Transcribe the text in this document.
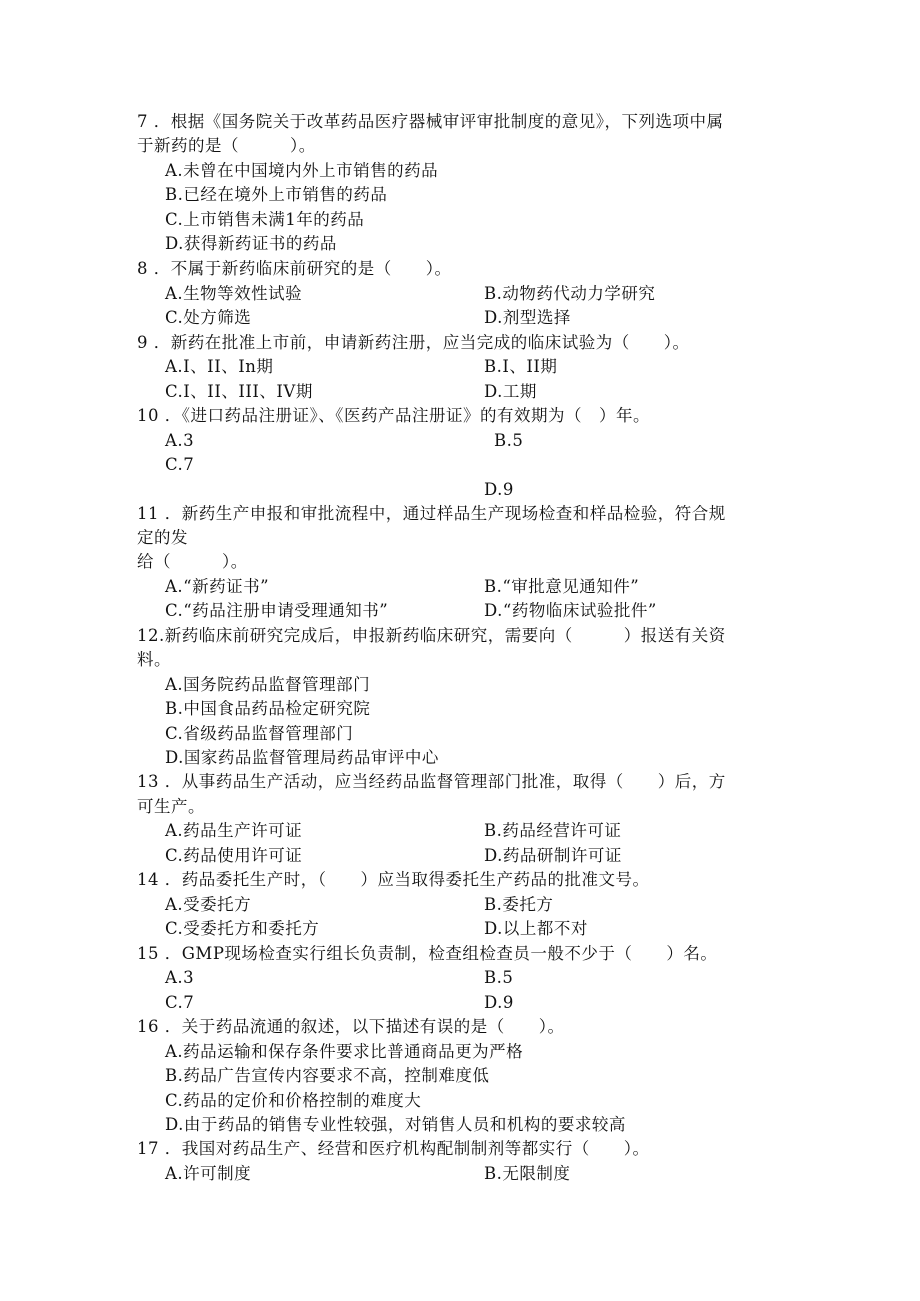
7 ．根据《国务院关于改革药品医疗器械审评审批制度的意见》，下列选项中属
于新药的是（　　　）。
A.未曾在中国境内外上市销售的药品
B.已经在境外上市销售的药品
C.上市销售未满1年的药品
D.获得新药证书的药品
8 ．不属于新药临床前研究的是（　　）。
A.生物等效性试验	B.动物药代动力学研究
C.处方筛选	D.剂型选择
9 ．新药在批准上市前，申请新药注册，应当完成的临床试验为（　　）。
A.I、II、In期	B.I、II期
C.I、II、III、IV期	D.工期
10 ．《进口药品注册证》、《医药产品注册证》的有效期为（　）年。
A.3	B.5
C.7
D.9
11 ．新药生产申报和审批流程中，通过样品生产现场检查和样品检验，符合规
定的发
给（　　　）。
A.“新药证书”	B.“审批意见通知件”
C.“药品注册申请受理通知书”	D.“药物临床试验批件”
12.新药临床前研究完成后，申报新药临床研究，需要向（　　　）报送有关资
料。
A.国务院药品监督管理部门
B.中国食品药品检定研究院
C.省级药品监督管理部门
D.国家药品监督管理局药品审评中心
13 ．从事药品生产活动，应当经药品监督管理部门批准，取得（　　）后，方
可生产。
A.药品生产许可证	B.药品经营许可证
C.药品使用许可证	D.药品研制许可证
14 ．药品委托生产时，（　　）应当取得委托生产药品的批准文号。
A.受委托方	B.委托方
C.受委托方和委托方	D.以上都不对
15 ．GMP现场检查实行组长负责制，检查组检查员一般不少于（　　）名。
A.3	B.5
C.7	D.9
16 ．关于药品流通的叙述，以下描述有误的是（　　）。
A.药品运输和保存条件要求比普通商品更为严格
B.药品广告宣传内容要求不高，控制难度低
C.药品的定价和价格控制的难度大
D.由于药品的销售专业性较强，对销售人员和机构的要求较高
17 ．我国对药品生产、经营和医疗机构配制制剂等都实行（　　）。
A.许可制度	B.无限制度
